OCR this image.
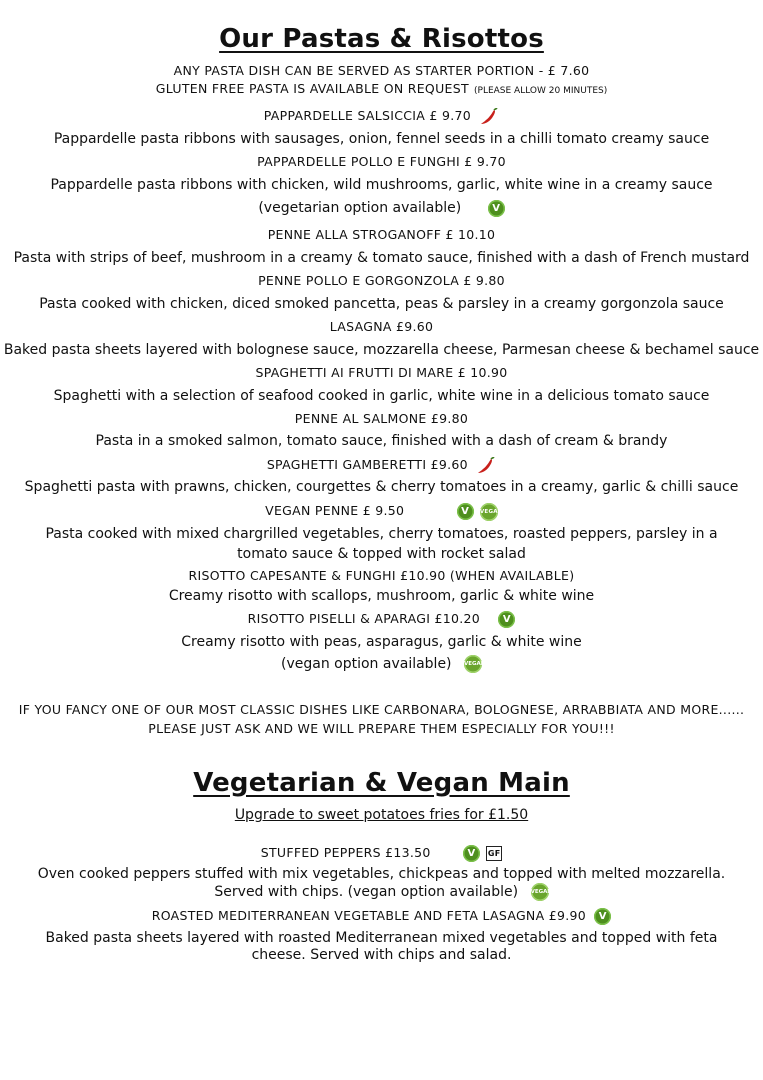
Our Pastas & Risottos
ANY PASTA DISH CAN BE SERVED AS STARTER PORTION - £ 7.60
GLUTEN FREE PASTA IS AVAILABLE ON REQUEST (PLEASE ALLOW 20 MINUTES)
PAPPARDELLE SALSICCIA £ 9.70
Pappardelle pasta ribbons with sausages, onion, fennel seeds in a chilli tomato creamy sauce
PAPPARDELLE POLLO E FUNGHI £ 9.70
Pappardelle pasta ribbons with chicken, wild mushrooms, garlic, white wine in a creamy sauce
(vegetarian option available)	V
PENNE ALLA STROGANOFF £ 10.10
Pasta with strips of beef, mushroom in a creamy & tomato sauce, finished with a dash of French mustard
PENNE POLLO E GORGONZOLA £ 9.80
Pasta cooked with chicken, diced smoked pancetta, peas & parsley in a creamy gorgonzola sauce
LASAGNA £9.60
Baked pasta sheets layered with bolognese sauce, mozzarella cheese, Parmesan cheese & bechamel sauce
SPAGHETTI AI FRUTTI DI MARE £ 10.90
Spaghetti with a selection of seafood cooked in garlic, white wine in a delicious tomato sauce
PENNE AL SALMONE £9.80
Pasta in a smoked salmon, tomato sauce, finished with a dash of cream & brandy
SPAGHETTI GAMBERETTI £9.60
Spaghetti pasta with prawns, chicken, courgettes & cherry tomatoes in a creamy, garlic & chilli sauce
VEGAN PENNE £ 9.50	V VEGAN
Pasta cooked with mixed chargrilled vegetables, cherry tomatoes, roasted peppers, parsley in a tomato sauce & topped with rocket salad
RISOTTO CAPESANTE & FUNGHI £10.90 (WHEN AVAILABLE)
Creamy risotto with scallops, mushroom, garlic & white wine
RISOTTO PISELLI & APARAGI £10.20 V
Creamy risotto with peas, asparagus, garlic & white wine
(vegan option available) VEGAN
IF YOU FANCY ONE OF OUR MOST CLASSIC DISHES LIKE CARBONARA, BOLOGNESE, ARRABBIATA AND MORE......
PLEASE JUST ASK AND WE WILL PREPARE THEM ESPECIALLY FOR YOU!!!
Vegetarian & Vegan Main
Upgrade to sweet potatoes fries for £1.50
STUFFED PEPPERS £13.50	V GF
Oven cooked peppers stuffed with mix vegetables, chickpeas and topped with melted mozzarella. Served with chips. (vegan option available) VEGAN
ROASTED MEDITERRANEAN VEGETABLE AND FETA LASAGNA £9.90 V
Baked pasta sheets layered with roasted Mediterranean mixed vegetables and topped with feta cheese. Served with chips and salad.
